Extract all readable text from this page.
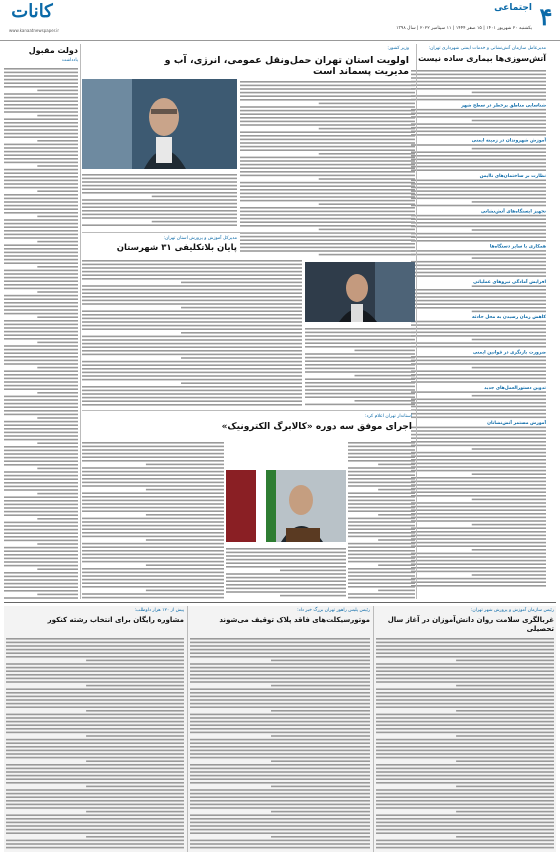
کانات
www.kanaatnewspaper.ir	۴
اجتماعی
یکشنبه ۲۰ شهریور ۱۴۰۱ | ۱۵ صفر ۱۴۴۴ | ۱۱ سپتامبر ۲۰۲۲ | سال ۱۳۹۸
مدیرعامل سازمان آتش‌نشانی و خدمات ایمنی شهرداری تهران:
آتش‌سوزی‌ها بیماری ساده نیست
شناسایی مناطق پرخطر در سطح شهر
آموزش شهروندان در زمینه ایمنی
نظارت بر ساختمان‌های ناایمن
تجهیز ایستگاه‌های آتش‌نشانی
همکاری با سایر دستگاه‌ها
افزایش آمادگی نیروهای عملیاتی
کاهش زمان رسیدن به محل حادثه
ضرورت بازنگری در قوانین ایمنی
تدوین دستورالعمل‌های جدید
آموزش مستمر آتش‌نشانان
وزیر کشور:
اولویت استان تهران حمل‌ونقل عمومی، انرژی، آب و مدیریت پسماند است
مدیرکل آموزش و پرورش استان تهران:
پایان بلاتکلیفی ۳۱ شهرستان
استاندار تهران اعلام کرد:
اجرای موفق سه دوره «کالابرگ الکترونیک»
دولت مقبول
یادداشت
رئیس سازمان آموزش و پرورش شهر تهران:
غربالگری سلامت روان دانش‌آموزان در آغاز سال تحصیلی
رئیس پلیس راهور تهران بزرگ خبر داد:
موتورسیکلت‌های فاقد پلاک توقیف می‌شوند
پیش از ۱۲۰ هزار داوطلب:
مشاوره رایگان برای انتخاب رشته کنکور
